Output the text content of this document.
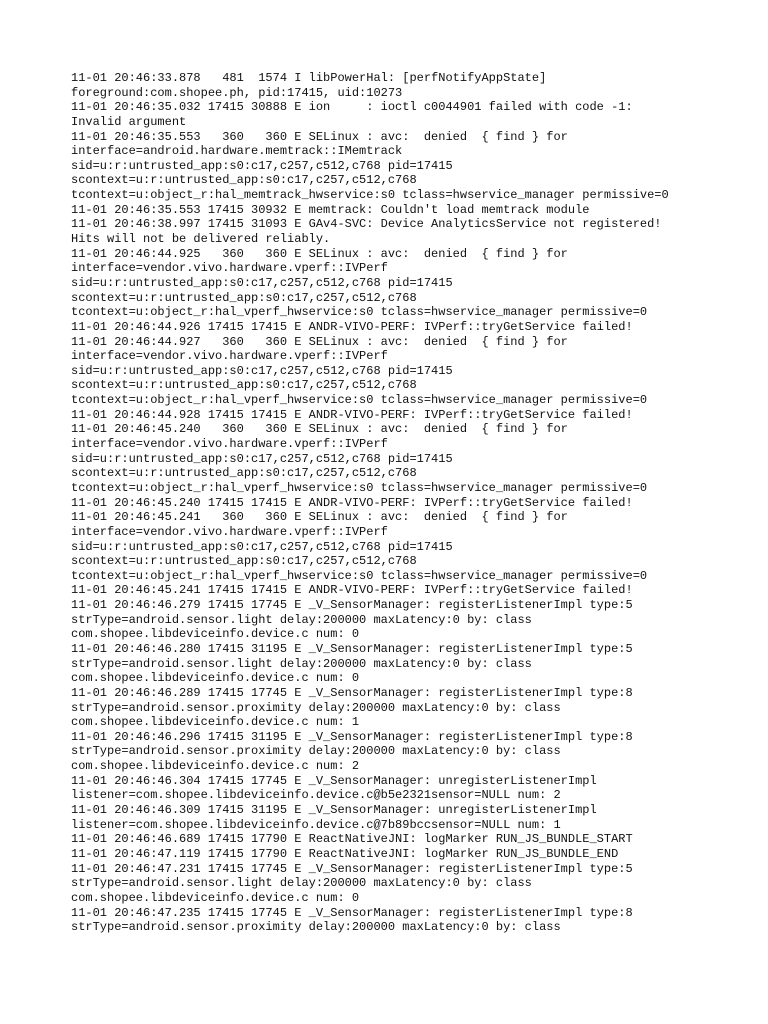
11-01 20:46:33.878   481  1574 I libPowerHal: [perfNotifyAppState]
foreground:com.shopee.ph, pid:17415, uid:10273
11-01 20:46:35.032 17415 30888 E ion     : ioctl c0044901 failed with code -1:
Invalid argument
11-01 20:46:35.553   360   360 E SELinux : avc:  denied  { find } for
interface=android.hardware.memtrack::IMemtrack
sid=u:r:untrusted_app:s0:c17,c257,c512,c768 pid=17415
scontext=u:r:untrusted_app:s0:c17,c257,c512,c768
tcontext=u:object_r:hal_memtrack_hwservice:s0 tclass=hwservice_manager permissive=0
11-01 20:46:35.553 17415 30932 E memtrack: Couldn't load memtrack module
11-01 20:46:38.997 17415 31093 E GAv4-SVC: Device AnalyticsService not registered!
Hits will not be delivered reliably.
11-01 20:46:44.925   360   360 E SELinux : avc:  denied  { find } for
interface=vendor.vivo.hardware.vperf::IVPerf
sid=u:r:untrusted_app:s0:c17,c257,c512,c768 pid=17415
scontext=u:r:untrusted_app:s0:c17,c257,c512,c768
tcontext=u:object_r:hal_vperf_hwservice:s0 tclass=hwservice_manager permissive=0
11-01 20:46:44.926 17415 17415 E ANDR-VIVO-PERF: IVPerf::tryGetService failed!
11-01 20:46:44.927   360   360 E SELinux : avc:  denied  { find } for
interface=vendor.vivo.hardware.vperf::IVPerf
sid=u:r:untrusted_app:s0:c17,c257,c512,c768 pid=17415
scontext=u:r:untrusted_app:s0:c17,c257,c512,c768
tcontext=u:object_r:hal_vperf_hwservice:s0 tclass=hwservice_manager permissive=0
11-01 20:46:44.928 17415 17415 E ANDR-VIVO-PERF: IVPerf::tryGetService failed!
11-01 20:46:45.240   360   360 E SELinux : avc:  denied  { find } for
interface=vendor.vivo.hardware.vperf::IVPerf
sid=u:r:untrusted_app:s0:c17,c257,c512,c768 pid=17415
scontext=u:r:untrusted_app:s0:c17,c257,c512,c768
tcontext=u:object_r:hal_vperf_hwservice:s0 tclass=hwservice_manager permissive=0
11-01 20:46:45.240 17415 17415 E ANDR-VIVO-PERF: IVPerf::tryGetService failed!
11-01 20:46:45.241   360   360 E SELinux : avc:  denied  { find } for
interface=vendor.vivo.hardware.vperf::IVPerf
sid=u:r:untrusted_app:s0:c17,c257,c512,c768 pid=17415
scontext=u:r:untrusted_app:s0:c17,c257,c512,c768
tcontext=u:object_r:hal_vperf_hwservice:s0 tclass=hwservice_manager permissive=0
11-01 20:46:45.241 17415 17415 E ANDR-VIVO-PERF: IVPerf::tryGetService failed!
11-01 20:46:46.279 17415 17745 E _V_SensorManager: registerListenerImpl type:5
strType=android.sensor.light delay:200000 maxLatency:0 by: class
com.shopee.libdeviceinfo.device.c num: 0
11-01 20:46:46.280 17415 31195 E _V_SensorManager: registerListenerImpl type:5
strType=android.sensor.light delay:200000 maxLatency:0 by: class
com.shopee.libdeviceinfo.device.c num: 0
11-01 20:46:46.289 17415 17745 E _V_SensorManager: registerListenerImpl type:8
strType=android.sensor.proximity delay:200000 maxLatency:0 by: class
com.shopee.libdeviceinfo.device.c num: 1
11-01 20:46:46.296 17415 31195 E _V_SensorManager: registerListenerImpl type:8
strType=android.sensor.proximity delay:200000 maxLatency:0 by: class
com.shopee.libdeviceinfo.device.c num: 2
11-01 20:46:46.304 17415 17745 E _V_SensorManager: unregisterListenerImpl
listener=com.shopee.libdeviceinfo.device.c@b5e2321sensor=NULL num: 2
11-01 20:46:46.309 17415 31195 E _V_SensorManager: unregisterListenerImpl
listener=com.shopee.libdeviceinfo.device.c@7b89bccsensor=NULL num: 1
11-01 20:46:46.689 17415 17790 E ReactNativeJNI: logMarker RUN_JS_BUNDLE_START
11-01 20:46:47.119 17415 17790 E ReactNativeJNI: logMarker RUN_JS_BUNDLE_END
11-01 20:46:47.231 17415 17745 E _V_SensorManager: registerListenerImpl type:5
strType=android.sensor.light delay:200000 maxLatency:0 by: class
com.shopee.libdeviceinfo.device.c num: 0
11-01 20:46:47.235 17415 17745 E _V_SensorManager: registerListenerImpl type:8
strType=android.sensor.proximity delay:200000 maxLatency:0 by: class
